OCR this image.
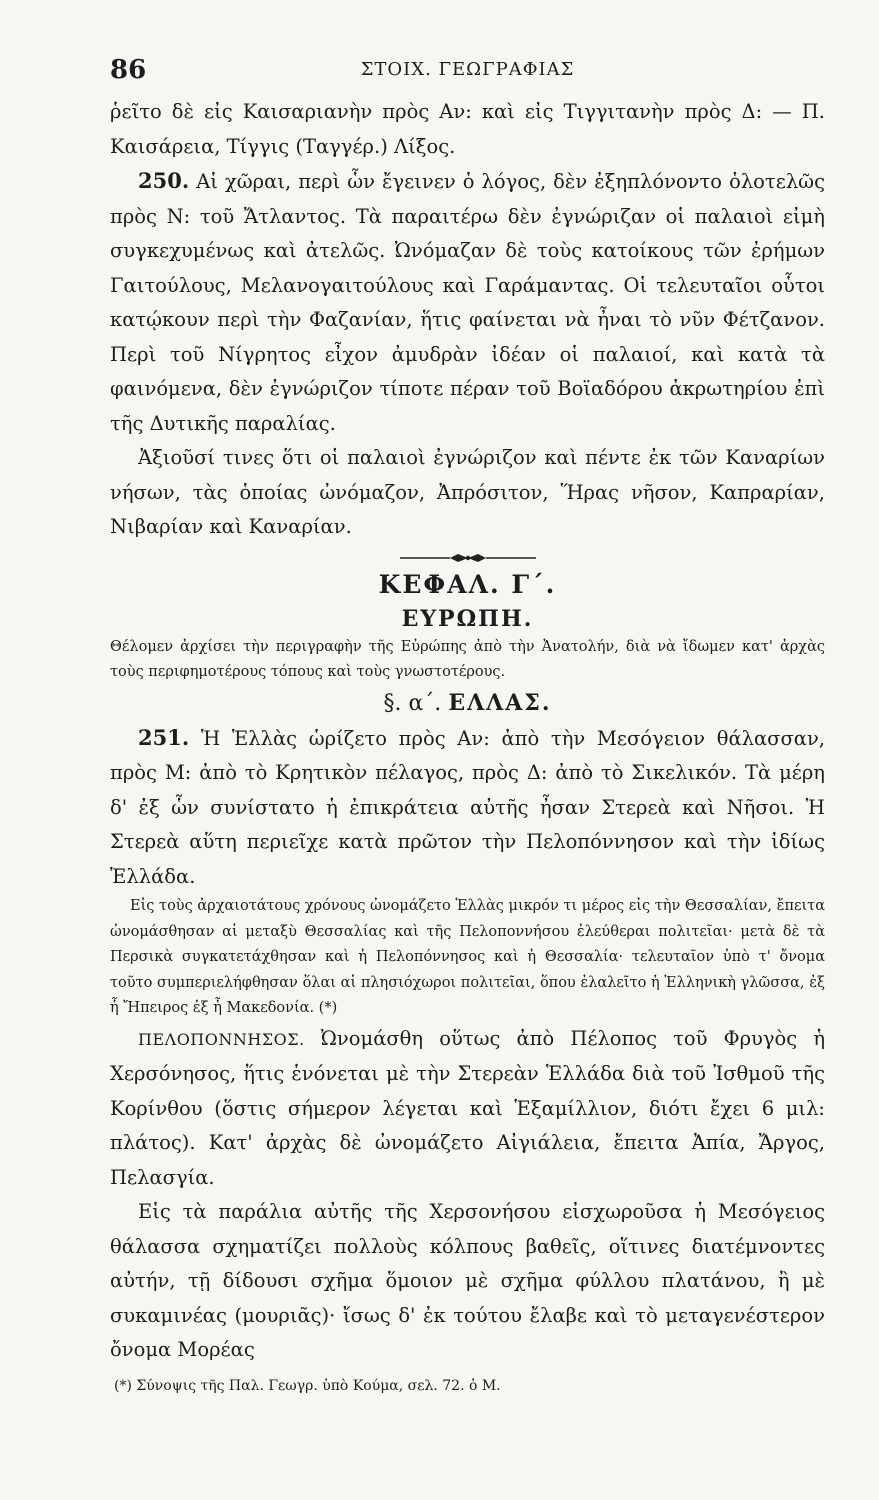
86	ΣΤΟΙΧ. ΓΕΩΓΡΑΦΙΑΣ

ῥεῖτο δὲ εἰς Καισαριανὴν πρὸς Αν: καὶ εἰς Τιγγιτανὴν πρὸς Δ: — Π. Καισάρεια, Τίγγις (Ταγγέρ.) Λίξος.

250. Αἱ χῶραι, περὶ ὧν ἔγεινεν ὁ λόγος, δὲν ἐξηπλόνοντο ὁλοτελῶς πρὸς Ν: τοῦ Ἄτλαντος. Τὰ παραιτέρω δὲν ἐγνώριζαν οἱ παλαιοὶ εἰμὴ συγκεχυμένως καὶ ἀτελῶς. Ὠνόμαζαν δὲ τοὺς κατοίκους τῶν ἐρήμων Γαιτούλους, Μελανογαιτούλους καὶ Γαράμαντας. Οἱ τελευταῖοι οὗτοι κατῴκουν περὶ τὴν Φαζανίαν, ἥτις φαίνεται νὰ ἦναι τὸ νῦν Φέτζανον. Περὶ τοῦ Νίγρητος εἶχον ἀμυδρὰν ἰδέαν οἱ παλαιοί, καὶ κατὰ τὰ φαινόμενα, δὲν ἐγνώριζον τίποτε πέραν τοῦ Βοϊαδόρου ἀκρωτηρίου ἐπὶ τῆς Δυτικῆς παραλίας.

Ἀξιοῦσί τινες ὅτι οἱ παλαιοὶ ἐγνώριζον καὶ πέντε ἐκ τῶν Καναρίων νήσων, τὰς ὁποίας ὠνόμαζον, Ἀπρόσιτον, Ἥρας νῆσον, Καπραρίαν, Νιβαρίαν καὶ Καναρίαν.

ΚΕΦΑΛ. Γ΄.

ΕΥΡΩΠΗ.

Θέλομεν ἀρχίσει τὴν περιγραφὴν τῆς Εὐρώπης ἀπὸ τὴν Ἀνατολήν, διὰ νὰ ἴδωμεν κατ' ἀρχὰς τοὺς περιφημοτέρους τόπους καὶ τοὺς γνωστοτέρους.

§. α΄. ΕΛΛΑΣ.

251. Ἡ Ἑλλὰς ὡρίζετο πρὸς Αν: ἀπὸ τὴν Μεσόγειον θάλασσαν, πρὸς Μ: ἀπὸ τὸ Κρητικὸν πέλαγος, πρὸς Δ: ἀπὸ τὸ Σικελικόν. Τὰ μέρη δ' ἐξ ὧν συνίστατο ἡ ἐπικράτεια αὐτῆς ἦσαν Στερεὰ καὶ Νῆσοι. Ἡ Στερεὰ αὕτη περιεῖχε κατὰ πρῶτον τὴν Πελοπόννησον καὶ τὴν ἰδίως Ἑλλάδα.

Εἰς τοὺς ἀρχαιοτάτους χρόνους ὠνομάζετο Ἑλλὰς μικρόν τι μέρος εἰς τὴν Θεσσαλίαν, ἔπειτα ὠνομάσθησαν αἱ μεταξὺ Θεσσαλίας καὶ τῆς Πελοποννήσου ἐλεύθεραι πολιτεῖαι· μετὰ δὲ τὰ Περσικὰ συγκατετάχθησαν καὶ ἡ Πελοπόννησος καὶ ἡ Θεσσαλία· τελευταῖον ὑπὸ τ' ὄνομα τοῦτο συμπεριελήφθησαν ὅλαι αἱ πλησιόχωροι πολιτεῖαι, ὅπου ἐλαλεῖτο ἡ Ἑλληνικὴ γλῶσσα, ἐξ ἧ Ἤπειρος ἐξ ἧ Μακεδονία. (*)

ΠΕΛΟΠΟΝΝΗΣΟΣ. Ὠνομάσθη οὕτως ἀπὸ Πέλοπος τοῦ Φρυγὸς ἡ Χερσόνησος, ἥτις ἑνόνεται μὲ τὴν Στερεὰν Ἑλλάδα διὰ τοῦ Ἰσθμοῦ τῆς Κορίνθου (ὅστις σήμερον λέγεται καὶ Ἑξαμίλλιον, διότι ἔχει 6 μιλ: πλάτος). Κατ' ἀρχὰς δὲ ὠνομάζετο Αἰγιάλεια, ἔπειτα Ἀπία, Ἄργος, Πελασγία.

Εἰς τὰ παράλια αὐτῆς τῆς Χερσονήσου εἰσχωροῦσα ἡ Μεσόγειος θάλασσα σχηματίζει πολλοὺς κόλπους βαθεῖς, οἵτινες διατέμνοντες αὐτήν, τῇ δίδουσι σχῆμα ὅμοιον μὲ σχῆμα φύλλου πλατάνου, ἢ μὲ συκαμινέας (μουριᾶς)· ἴσως δ' ἐκ τούτου ἔλαβε καὶ τὸ μεταγενέστερον ὄνομα Μορέας

(*) Σύνοψις τῆς Παλ. Γεωγρ. ὑπὸ Κούμα, σελ. 72. ὁ Μ.
